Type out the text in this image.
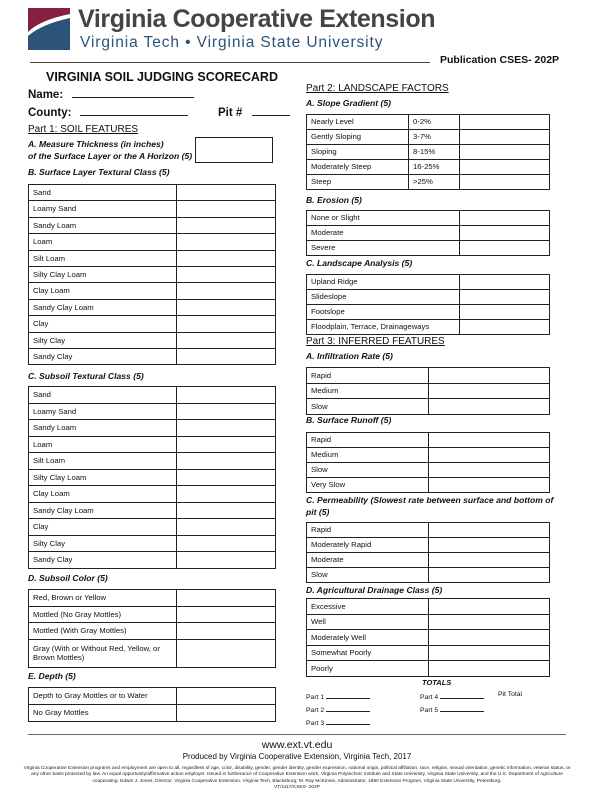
Virginia Cooperative Extension
Virginia Tech • Virginia State University
Publication CSES- 202P
VIRGINIA SOIL JUDGING SCORECARD
Name:
County:	Pit #
Part 1: SOIL FEATURES
A. Measure Thickness (in inches)
of the Surface Layer or the A Horizon (5)
B. Surface Layer Textural Class (5)
Sand	
Loamy Sand	
Sandy Loam	
Loam	
Silt Loam	
Silty Clay Loam	
Clay Loam	
Sandy Clay Loam	
Clay	
Silty Clay	
Sandy Clay	
C. Subsoil Textural Class (5)
Sand	
Loamy Sand	
Sandy Loam	
Loam	
Silt Loam	
Silty Clay Loam	
Clay Loam	
Sandy Clay Loam	
Clay	
Silty Clay	
Sandy Clay	
D. Subsoil Color (5)
Red, Brown or Yellow	
Mottled (No Gray Mottles)	
Mottled (With Gray Mottles)	
Gray (With or Without Red, Yellow, or Brown Mottles)	
E. Depth (5)
Depth to Gray Mottles or to Water	
No Gray Mottles	
Part 2: LANDSCAPE FACTORS
A. Slope Gradient (5)
Nearly Level	0-2%	
Gently Sloping	3-7%	
Sloping	8-15%	
Moderately Steep	16-25%	
Steep	>25%	
B. Erosion (5)
None or Slight	
Moderate	
Severe	
C. Landscape Analysis (5)
Upland Ridge	
Slideslope	
Footslope	
Floodplain, Terrace, Drainageways	
Part 3: INFERRED FEATURES
A. Infiltration Rate (5)
Rapid	
Medium	
Slow	
B. Surface Runoff (5)
Rapid	
Medium	
Slow	
Very Slow	
C. Permeability (Slowest rate between surface and bottom of
pit (5)
Rapid	
Moderately Rapid	
Moderate	
Slow	
D. Agricultural Drainage Class (5)
Excessive	
Well	
Moderately Well	
Somewhat Poorly	
Poorly	
TOTALS
Part 1
Part 2
Part 3
Part 4
Part 5
Pit Total
www.ext.vt.edu
Produced by Virginia Cooperative Extension, Virginia Tech, 2017
Virginia Cooperative Extension programs and employment are open to all, regardless of age, color, disability, gender, gender identity, gender expression, national origin, political affiliation, race, religion, sexual orientation, genetic information, veteran status, or any other basis protected by law. An equal opportunity/affirmative action employer. Issued in furtherance of Cooperative Extension work, Virginia Polytechnic Institute and State University, Virginia State University, and the U.S. Department of Agriculture cooperating. Edwin J. Jones, Director, Virginia Cooperative Extension, Virginia Tech, Blacksburg; M. Ray McKinnie, Administrator, 1890 Extension Program, Virginia State University, Petersburg.
VT/1117/CSES- 202P
